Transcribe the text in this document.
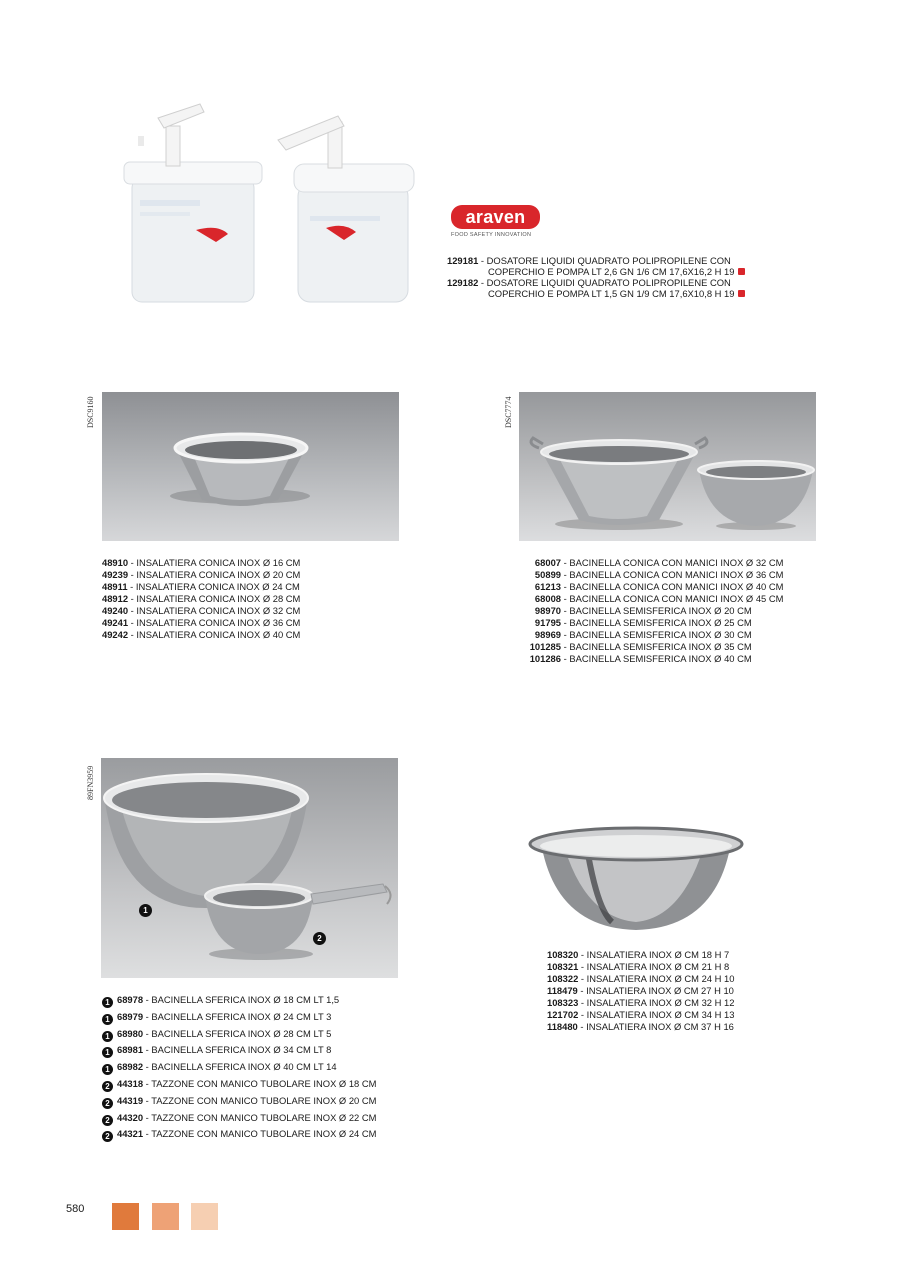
araven
FOOD SAFETY INNOVATION
129181 - DOSATORE LIQUIDI QUADRATO POLIPROPILENE CON
COPERCHIO E POMPA LT 2,6 GN 1/6 CM 17,6X16,2 H 19
129182 - DOSATORE LIQUIDI QUADRATO POLIPROPILENE CON
COPERCHIO E POMPA LT 1,5 GN 1/9 CM 17,6X10,8 H 19
DSC9160
48910 - INSALATIERA CONICA INOX Ø 16 CM
49239 - INSALATIERA CONICA INOX Ø 20 CM
48911 - INSALATIERA CONICA INOX Ø 24 CM
48912 - INSALATIERA CONICA INOX Ø 28 CM
49240 - INSALATIERA CONICA INOX Ø 32 CM
49241 - INSALATIERA CONICA INOX Ø 36 CM
49242 - INSALATIERA CONICA INOX Ø 40 CM
DSC7774
68007 - BACINELLA CONICA CON MANICI INOX Ø 32 CM
50899 - BACINELLA CONICA CON MANICI INOX Ø 36 CM
61213 - BACINELLA CONICA CON MANICI INOX Ø 40 CM
68008 - BACINELLA CONICA CON MANICI INOX Ø 45 CM
98970 - BACINELLA SEMISFERICA INOX Ø 20 CM
91795 - BACINELLA SEMISFERICA INOX Ø 25 CM
98969 - BACINELLA SEMISFERICA INOX Ø 30 CM
101285 - BACINELLA SEMISFERICA INOX Ø 35 CM
101286 - BACINELLA SEMISFERICA INOX Ø 40 CM
89FN3959
1
2
1 68978 - BACINELLA SFERICA INOX Ø 18 CM LT 1,5
1 68979 - BACINELLA SFERICA INOX Ø 24 CM LT 3
1 68980 - BACINELLA SFERICA INOX Ø 28 CM LT 5
1 68981 - BACINELLA SFERICA INOX Ø 34 CM LT 8
1 68982 - BACINELLA SFERICA INOX Ø 40 CM LT 14
2 44318 - TAZZONE CON MANICO TUBOLARE INOX Ø 18 CM
2 44319 - TAZZONE CON MANICO TUBOLARE INOX Ø 20 CM
2 44320 - TAZZONE CON MANICO TUBOLARE INOX Ø 22 CM
2 44321 - TAZZONE CON MANICO TUBOLARE INOX Ø 24 CM
108320 - INSALATIERA INOX Ø CM 18 H 7
108321 - INSALATIERA INOX Ø CM 21 H 8
108322 - INSALATIERA INOX Ø CM 24 H 10
118479 - INSALATIERA INOX Ø CM 27 H 10
108323 - INSALATIERA INOX Ø CM 32 H 12
121702 - INSALATIERA INOX Ø CM 34 H 13
118480 - INSALATIERA INOX Ø CM 37 H 16
580
